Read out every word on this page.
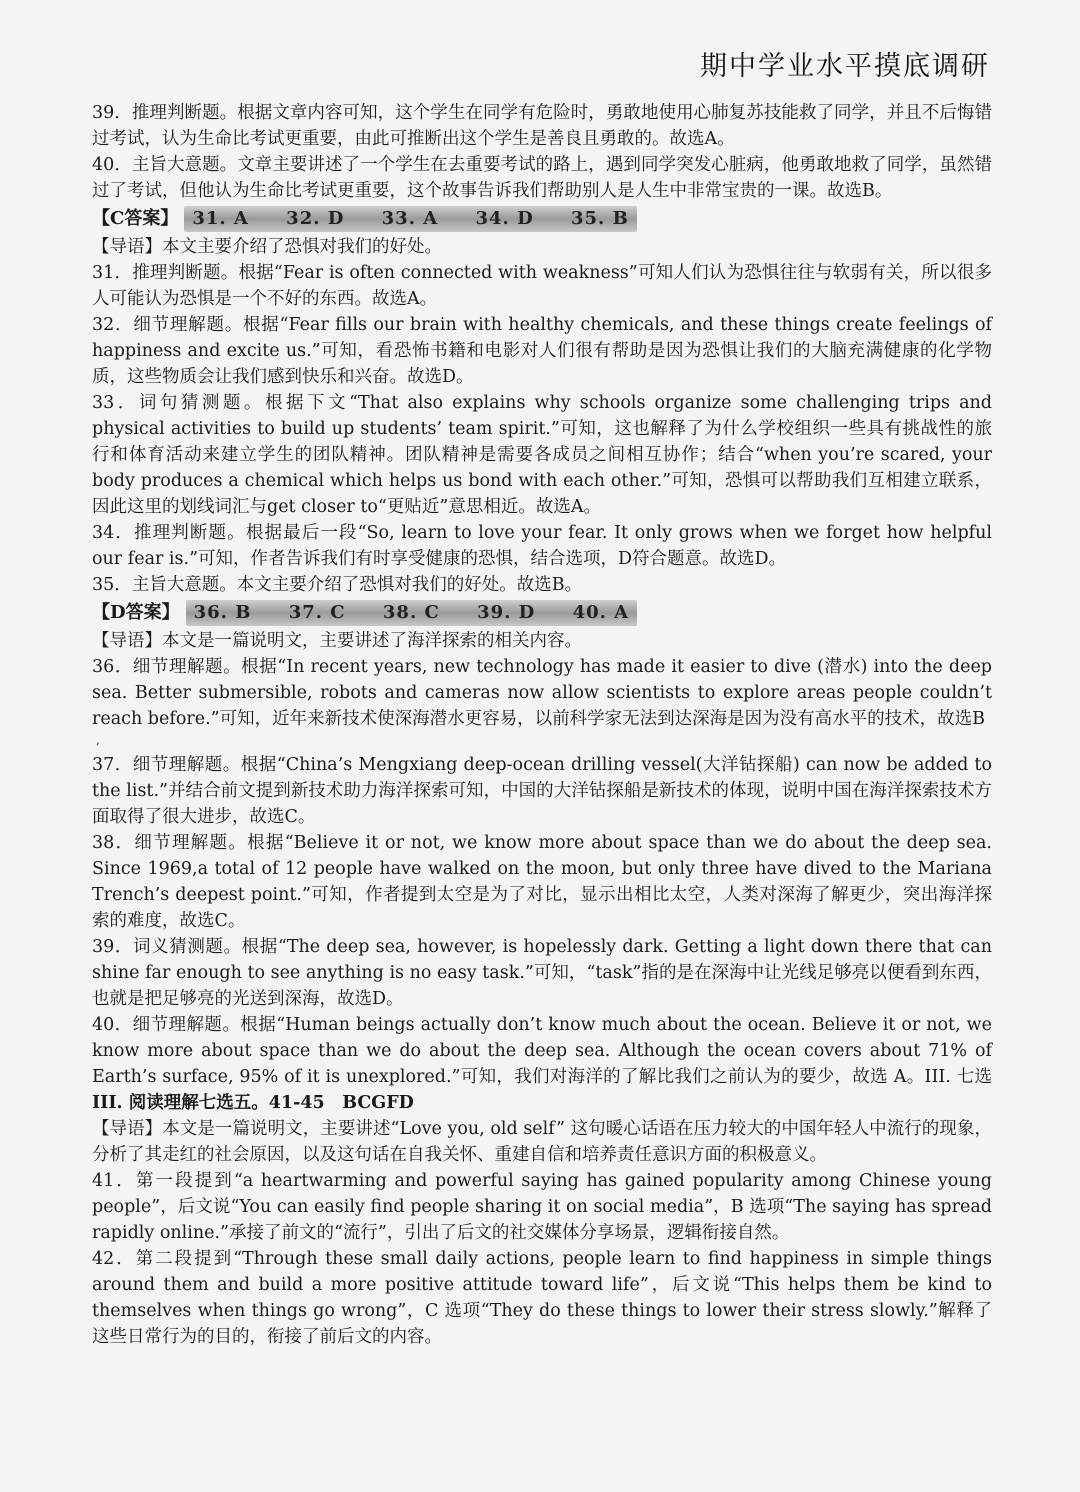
期中学业水平摸底调研

39．推理判断题。根据文章内容可知，这个学生在同学有危险时，勇敢地使用心肺复苏技能救了同学，并且不后悔错过考试，认为生命比考试更重要，由此可推断出这个学生是善良且勇敢的。故选A。

40．主旨大意题。文章主要讲述了一个学生在去重要考试的路上，遇到同学突发心脏病，他勇敢地救了同学，虽然错过了考试，但他认为生命比考试更重要，这个故事告诉我们帮助别人是人生中非常宝贵的一课。故选B。

【C答案】 31. A 32. D 33. A 34. D 35. B

【导语】本文主要介绍了恐惧对我们的好处。

31．推理判断题。根据“Fear is often connected with weakness”可知人们认为恐惧往往与软弱有关，所以很多人可能认为恐惧是一个不好的东西。故选A。

32．细节理解题。根据“Fear fills our brain with healthy chemicals, and these things create feelings of happiness and excite us.”可知，看恐怖书籍和电影对人们很有帮助是因为恐惧让我们的大脑充满健康的化学物质，这些物质会让我们感到快乐和兴奋。故选D。

33．词句猜测题。根据下文“That also explains why schools organize some challenging trips and physical activities to build up students’ team spirit.”可知，这也解释了为什么学校组织一些具有挑战性的旅行和体育活动来建立学生的团队精神。团队精神是需要各成员之间相互协作；结合“when you’re scared, your body produces a chemical which helps us bond with each other.”可知，恐惧可以帮助我们互相建立联系，因此这里的划线词汇与get closer to“更贴近”意思相近。故选A。

34．推理判断题。根据最后一段“So, learn to love your fear. It only grows when we forget how helpful our fear is.”可知，作者告诉我们有时享受健康的恐惧，结合选项，D符合题意。故选D。

35．主旨大意题。本文主要介绍了恐惧对我们的好处。故选B。

【D答案】 36. B 37. C 38. C 39. D 40. A

【导语】本文是一篇说明文，主要讲述了海洋探索的相关内容。

36．细节理解题。根据“In recent years, new technology has made it easier to dive (潜水) into the deep sea. Better submersible, robots and cameras now allow scientists to explore areas people couldn’t reach before.”可知，近年来新技术使深海潜水更容易，以前科学家无法到达深海是因为没有高水平的技术，故选B

,

37．细节理解题。根据“China’s Mengxiang deep-ocean drilling vessel(大洋钻探船) can now be added to the list.”并结合前文提到新技术助力海洋探索可知，中国的大洋钻探船是新技术的体现，说明中国在海洋探索技术方面取得了很大进步，故选C。

38．细节理解题。根据“Believe it or not, we know more about space than we do about the deep sea. Since 1969,a total of 12 people have walked on the moon, but only three have dived to the Mariana Trench’s deepest point.”可知，作者提到太空是为了对比，显示出相比太空，人类对深海了解更少，突出海洋探索的难度，故选C。

39．词义猜测题。根据“The deep sea, however, is hopelessly dark. Getting a light down there that can shine far enough to see anything is no easy task.”可知，“task”指的是在深海中让光线足够亮以便看到东西，也就是把足够亮的光送到深海，故选D。

40．细节理解题。根据“Human beings actually don’t know much about the ocean. Believe it or not, we know more about space than we do about the deep sea. Although the ocean covers about 71% of Earth’s surface, 95% of it is unexplored.”可知，我们对海洋的了解比我们之前认为的要少，故选 A。III. 七选 III. 阅读理解七选五。41-45　BCGFD

【导语】本文是一篇说明文，主要讲述“Love you, old self” 这句暖心话语在压力较大的中国年轻人中流行的现象，分析了其走红的社会原因，以及这句话在自我关怀、重建自信和培养责任意识方面的积极意义。

41．第一段提到“a heartwarming and powerful saying has gained popularity among Chinese young people”，后文说“You can easily find people sharing it on social media”，B 选项“The saying has spread rapidly online.”承接了前文的“流行”，引出了后文的社交媒体分享场景，逻辑衔接自然。

42．第二段提到“Through these small daily actions, people learn to find happiness in simple things around them and build a more positive attitude toward life”，后文说“This helps them be kind to themselves when things go wrong”，C 选项“They do these things to lower their stress slowly.”解释了这些日常行为的目的，衔接了前后文的内容。
